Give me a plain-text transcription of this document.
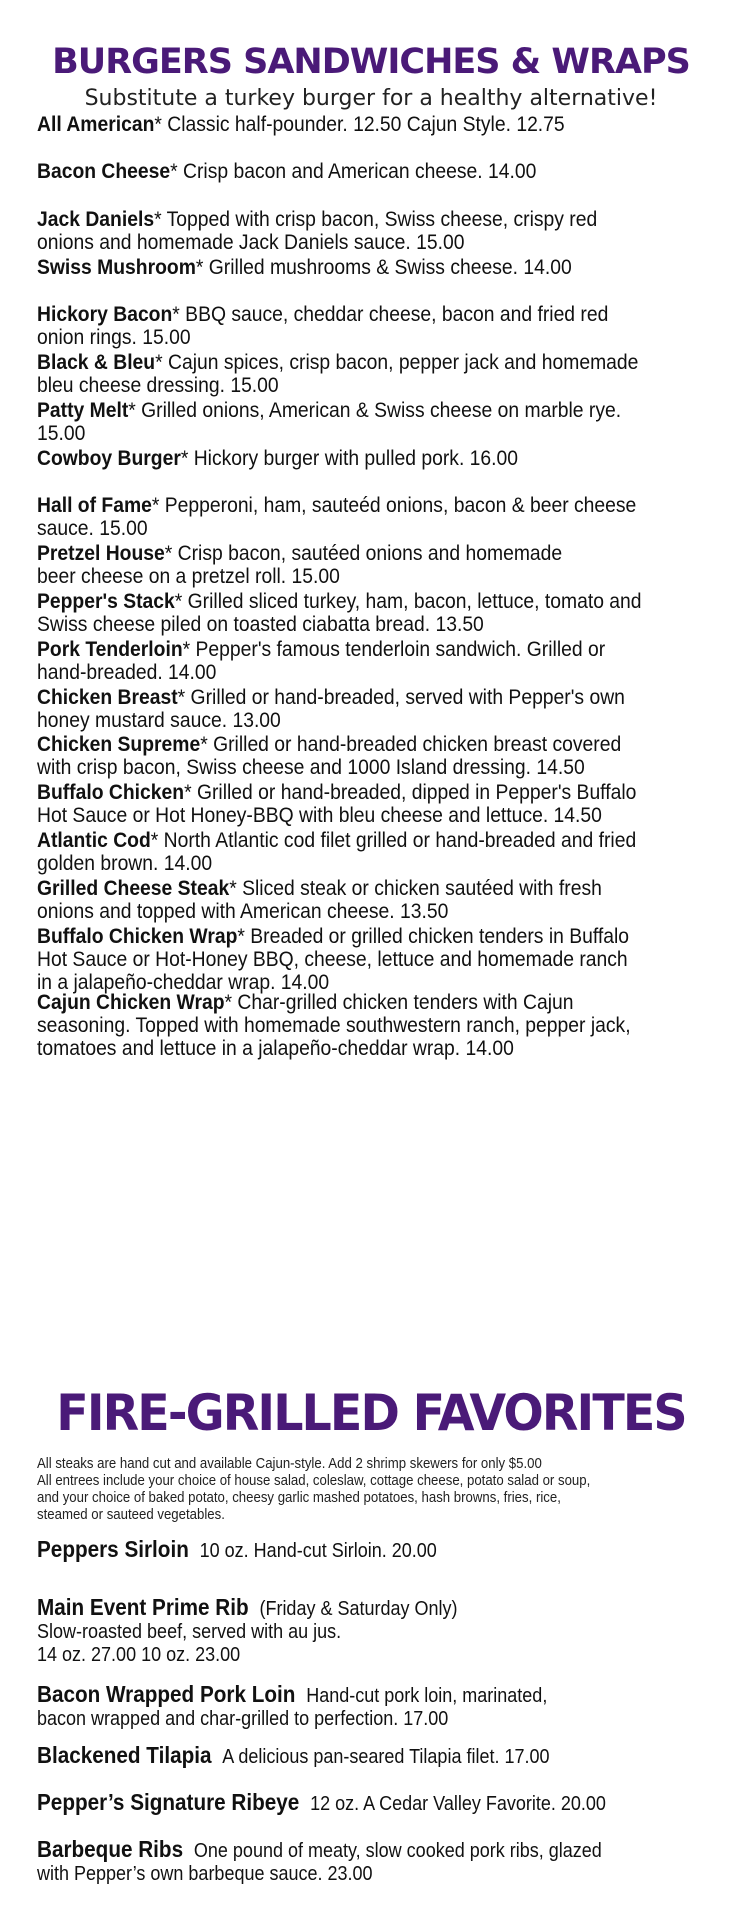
BURGERS SANDWICHES & WRAPS

Substitute a turkey burger for a healthy alternative!

All American* Classic half-pounder. 12.50 Cajun Style. 12.75
Bacon Cheese* Crisp bacon and American cheese. 14.00
Jack Daniels* Topped with crisp bacon, Swiss cheese, crispy red
onions and homemade Jack Daniels sauce. 15.00
Swiss Mushroom* Grilled mushrooms & Swiss cheese. 14.00
Hickory Bacon* BBQ sauce, cheddar cheese, bacon and fried red
onion rings. 15.00
Black & Bleu* Cajun spices, crisp bacon, pepper jack and homemade
bleu cheese dressing. 15.00
Patty Melt* Grilled onions, American & Swiss cheese on marble rye.
15.00
Cowboy Burger* Hickory burger with pulled pork. 16.00
Hall of Fame* Pepperoni, ham, sauteéd onions, bacon & beer cheese
sauce. 15.00
Pretzel House* Crisp bacon, sautéed onions and homemade
beer cheese on a pretzel roll. 15.00
Pepper's Stack* Grilled sliced turkey, ham, bacon, lettuce, tomato and
Swiss cheese piled on toasted ciabatta bread. 13.50
Pork Tenderloin* Pepper's famous tenderloin sandwich. Grilled or
hand-breaded. 14.00
Chicken Breast* Grilled or hand-breaded, served with Pepper's own
honey mustard sauce. 13.00
Chicken Supreme* Grilled or hand-breaded chicken breast covered
with crisp bacon, Swiss cheese and 1000 Island dressing. 14.50
Buffalo Chicken* Grilled or hand-breaded, dipped in Pepper's Buffalo
Hot Sauce or Hot Honey-BBQ with bleu cheese and lettuce. 14.50
Atlantic Cod* North Atlantic cod filet grilled or hand-breaded and fried
golden brown. 14.00
Grilled Cheese Steak* Sliced steak or chicken sautéed with fresh
onions and topped with American cheese. 13.50
Buffalo Chicken Wrap* Breaded or grilled chicken tenders in Buffalo
Hot Sauce or Hot-Honey BBQ, cheese, lettuce and homemade ranch
in a jalapeño-cheddar wrap. 14.00
Cajun Chicken Wrap* Char-grilled chicken tenders with Cajun
seasoning. Topped with homemade southwestern ranch, pepper jack,
tomatoes and lettuce in a jalapeño-cheddar wrap. 14.00
FIRE-GRILLED FAVORITES
All steaks are hand cut and available Cajun-style. Add 2 shrimp skewers for only $5.00
All entrees include your choice of house salad, coleslaw, cottage cheese, potato salad or soup,
and your choice of baked potato, cheesy garlic mashed potatoes, hash browns, fries, rice,
steamed or sauteed vegetables.
Peppers Sirloin 10 oz. Hand-cut Sirloin. 20.00
Main Event Prime Rib (Friday & Saturday Only)
Slow-roasted beef, served with au jus.
14 oz. 27.00 10 oz. 23.00
Bacon Wrapped Pork Loin Hand-cut pork loin, marinated,
bacon wrapped and char-grilled to perfection. 17.00
Blackened Tilapia A delicious pan-seared Tilapia filet. 17.00
Pepper’s Signature Ribeye 12 oz. A Cedar Valley Favorite. 20.00
Barbeque Ribs One pound of meaty, slow cooked pork ribs, glazed
with Pepper’s own barbeque sauce. 23.00
